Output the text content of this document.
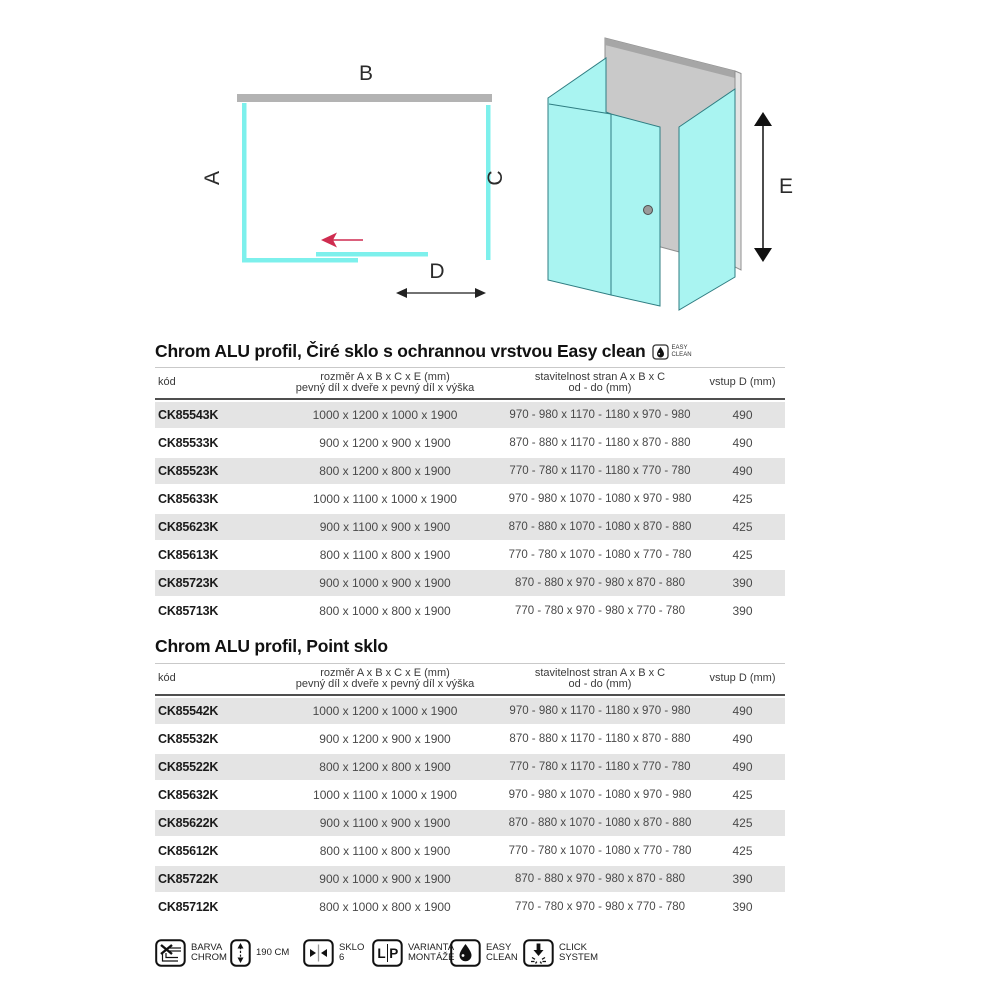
B
A	C
D
E
Chrom ALU profil, Čiré sklo s ochrannou vrstvou Easy clean	EASY
CLEAN
kód	rozměr A x B x C x E (mm)
pevný díl x dveře x pevný díl x výška
stavitelnost stran A x B x C
od - do (mm)	vstup D (mm)
CK85543K	1000 x 1200 x 1000 x 1900	970 - 980 x 1170 - 1180 x 970 - 980	490
CK85533K	900 x 1200 x 900 x 1900	870 - 880 x 1170 - 1180 x 870 - 880	490
CK85523K	800 x 1200 x 800 x 1900	770 - 780 x 1170 - 1180 x 770 - 780	490
CK85633K	1000 x 1100 x 1000 x 1900	970 - 980 x 1070 - 1080 x 970 - 980	425
CK85623K	900 x 1100 x 900 x 1900	870 - 880 x 1070 - 1080 x 870 - 880	425
CK85613K	800 x 1100 x 800 x 1900	770 - 780 x 1070 - 1080 x 770 - 780	425
CK85723K	900 x 1000 x 900 x 1900	870 - 880 x 970 - 980 x 870 - 880	390
CK85713K	800 x 1000 x 800 x 1900	770 - 780 x 970 - 980 x 770 - 780	390
Chrom ALU profil, Point sklo
kód	rozměr A x B x C x E (mm)
pevný díl x dveře x pevný díl x výška
stavitelnost stran A x B x C
od - do (mm)	vstup D (mm)
CK85542K	1000 x 1200 x 1000 x 1900	970 - 980 x 1170 - 1180 x 970 - 980	490
CK85532K	900 x 1200 x 900 x 1900	870 - 880 x 1170 - 1180 x 870 - 880	490
CK85522K	800 x 1200 x 800 x 1900	770 - 780 x 1170 - 1180 x 770 - 780	490
CK85632K	1000 x 1100 x 1000 x 1900	970 - 980 x 1070 - 1080 x 970 - 980	425
CK85622K	900 x 1100 x 900 x 1900	870 - 880 x 1070 - 1080 x 870 - 880	425
CK85612K	800 x 1100 x 800 x 1900	770 - 780 x 1070 - 1080 x 770 - 780	425
CK85722K	900 x 1000 x 900 x 1900	870 - 880 x 970 - 980 x 870 - 880	390
CK85712K	800 x 1000 x 800 x 1900	770 - 780 x 970 - 980 x 770 - 780	390
BARVA
CHROM	190 CM	SKLO
6	L P VARIANTA
MONTÁŽE
EASY
CLEAN
CLICK
SYSTEM
